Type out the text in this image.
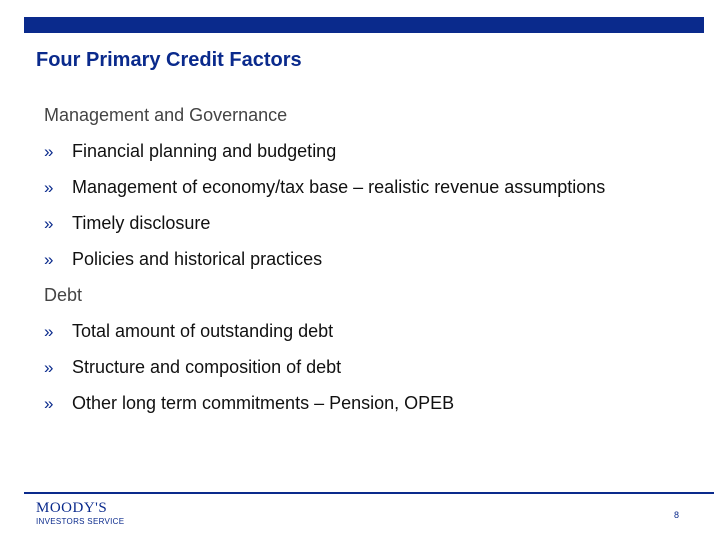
Four Primary Credit Factors
Management and Governance
» Financial planning and budgeting
» Management of economy/tax base – realistic revenue assumptions
» Timely disclosure
» Policies and historical practices
Debt
» Total amount of outstanding debt
» Structure and composition of debt
» Other long term commitments – Pension, OPEB
MOODY'S
INVESTORS SERVICE
8
